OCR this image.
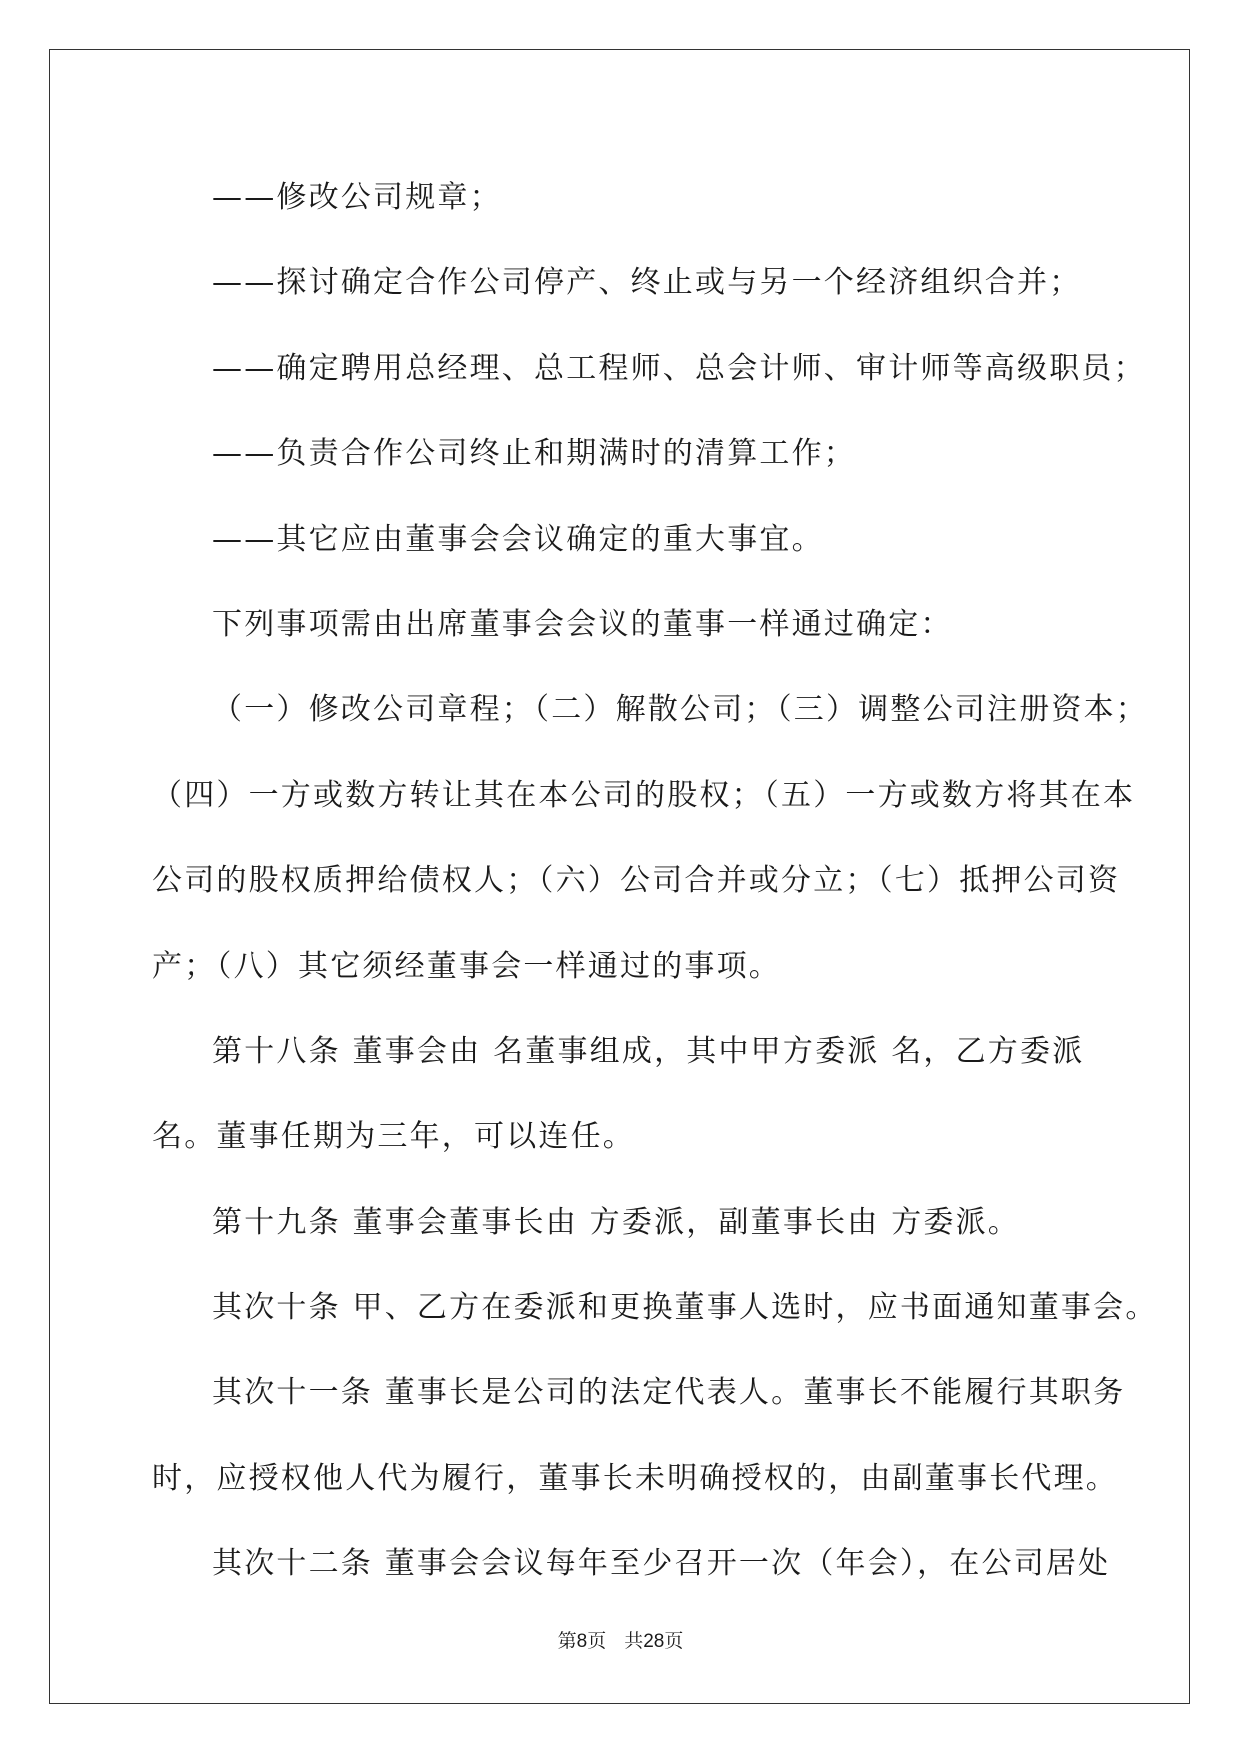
——修改公司规章；

——探讨确定合作公司停产、终止或与另一个经济组织合并；

——确定聘用总经理、总工程师、总会计师、审计师等高级职员；

——负责合作公司终止和期满时的清算工作；

——其它应由董事会会议确定的重大事宜。

下列事项需由出席董事会会议的董事一样通过确定：

（一）修改公司章程；（二）解散公司；（三）调整公司注册资本；

（四）一方或数方转让其在本公司的股权；（五）一方或数方将其在本

公司的股权质押给债权人；（六）公司合并或分立；（七）抵押公司资

产；（八）其它须经董事会一样通过的事项。

第十八条 董事会由 名董事组成，其中甲方委派 名，乙方委派

名。董事任期为三年，可以连任。

第十九条 董事会董事长由 方委派，副董事长由 方委派。

其次十条 甲、乙方在委派和更换董事人选时，应书面通知董事会。

其次十一条 董事长是公司的法定代表人。董事长不能履行其职务

时，应授权他人代为履行，董事长未明确授权的，由副董事长代理。

其次十二条 董事会会议每年至少召开一次（年会），在公司居处

第8页 共28页
